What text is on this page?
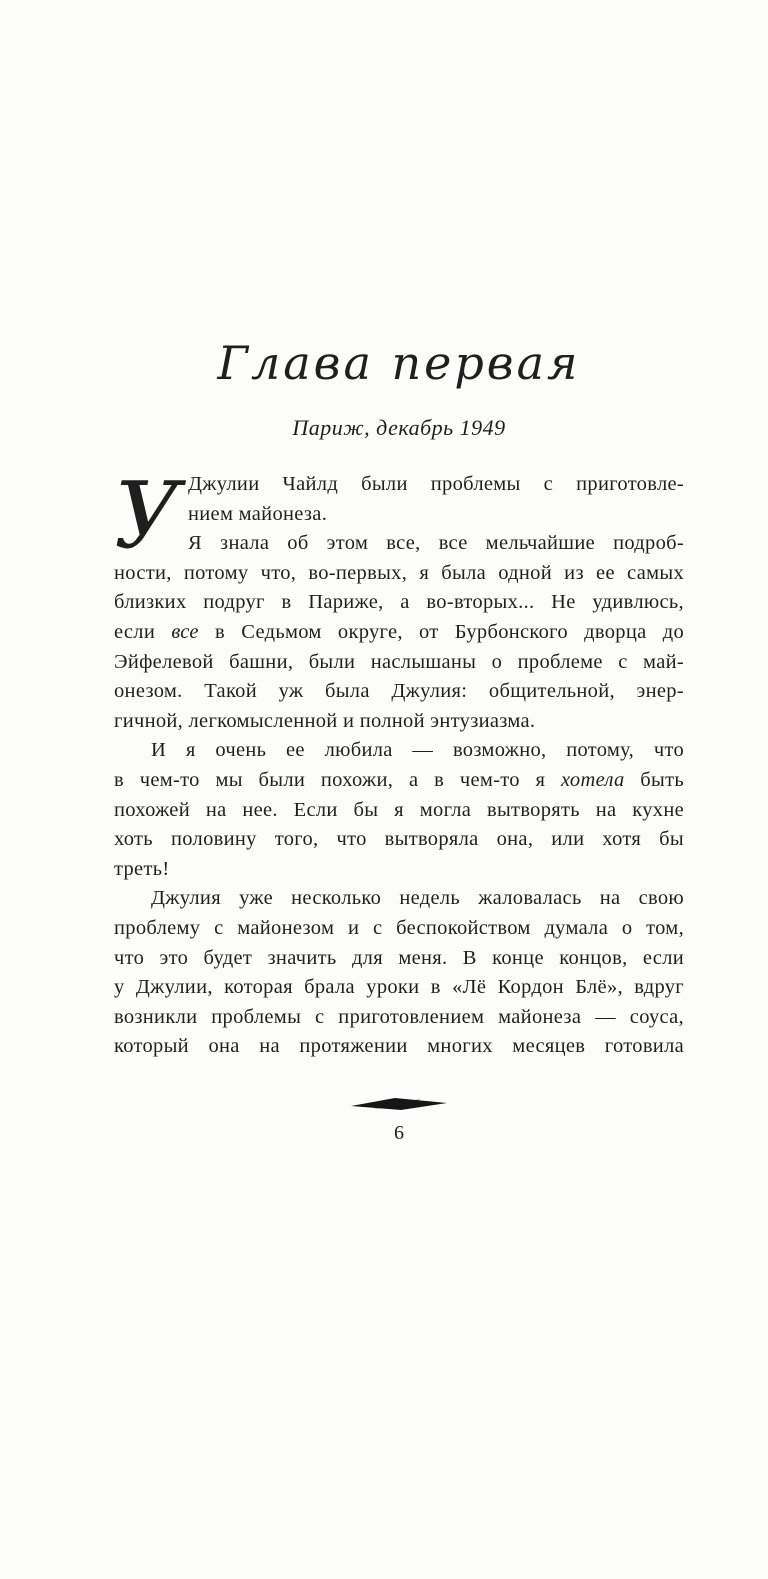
Глава первая
Париж, декабрь 1949
У Джулии Чайлд были проблемы с приготовле-
нием майонеза.
Я знала об этом все, все мельчайшие подроб-
ности, потому что, во-первых, я была одной из ее самых
близких подруг в Париже, а во-вторых... Не удивлюсь,
если все в Седьмом округе, от Бурбонского дворца до
Эйфелевой башни, были наслышаны о проблеме с май-
онезом. Такой уж была Джулия: общительной, энер-
гичной, легкомысленной и полной энтузиазма.
И я очень ее любила — возможно, потому, что
в чем-то мы были похожи, а в чем-то я хотела быть
похожей на нее. Если бы я могла вытворять на кухне
хоть половину того, что вытворяла она, или хотя бы
треть!
Джулия уже несколько недель жаловалась на свою
проблему с майонезом и с беспокойством думала о том,
что это будет значить для меня. В конце концов, если
у Джулии, которая брала уроки в «Лё Кордон Блё», вдруг
возникли проблемы с приготовлением майонеза — соуса,
который она на протяжении многих месяцев готовила
6
